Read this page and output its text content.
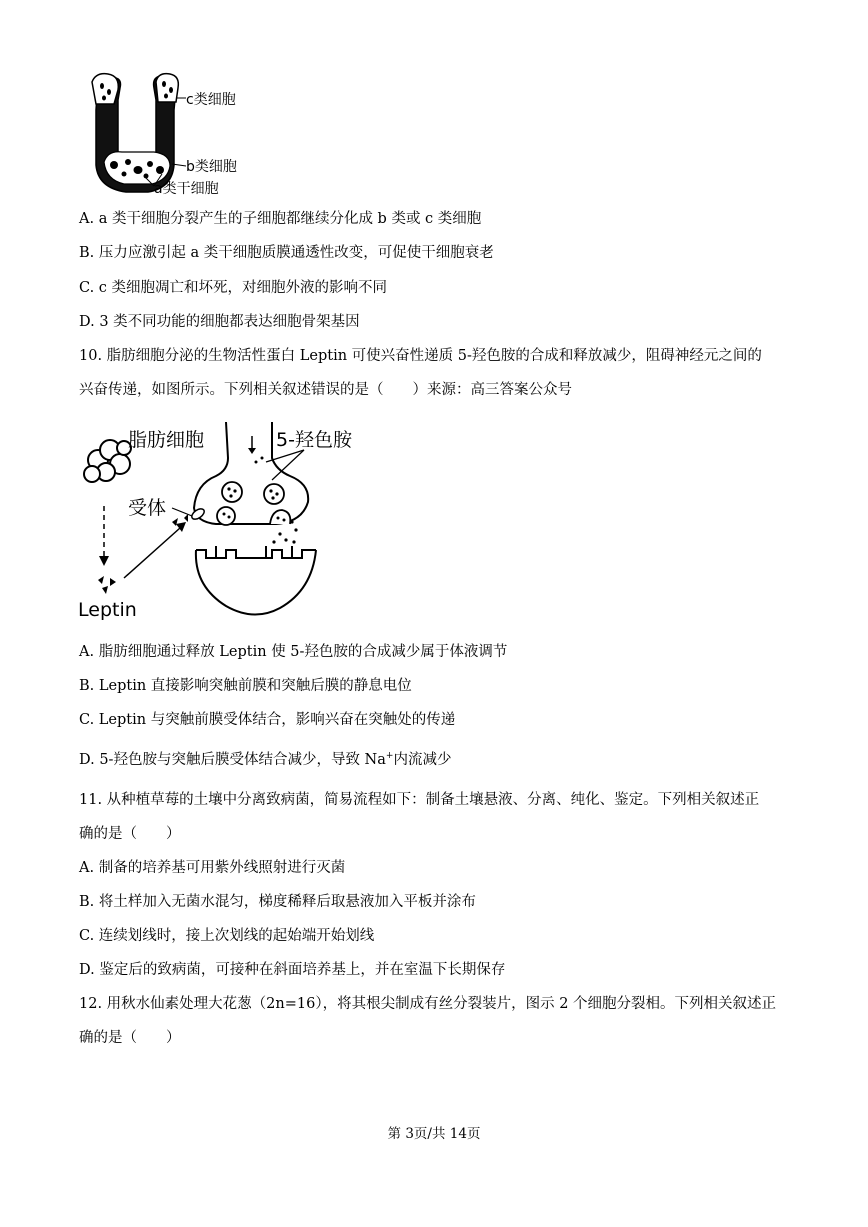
c类细胞
b类细胞
a类干细胞
A. a 类干细胞分裂产生的子细胞都继续分化成 b 类或 c 类细胞
B. 压力应激引起 a 类干细胞质膜通透性改变，可促使干细胞衰老
C. c 类细胞凋亡和坏死，对细胞外液的影响不同
D. 3 类不同功能的细胞都表达细胞骨架基因
10. 脂肪细胞分泌的生物活性蛋白 Leptin 可使兴奋性递质 5-羟色胺的合成和释放减少，阻碍神经元之间的
兴奋传递，如图所示。下列相关叙述错误的是（　　）来源：高三答案公众号
脂肪细胞
Leptin
受体
5-羟色胺
A. 脂肪细胞通过释放 Leptin 使 5-羟色胺的合成减少属于体液调节
B. Leptin 直接影响突触前膜和突触后膜的静息电位
C. Leptin 与突触前膜受体结合，影响兴奋在突触处的传递
D. 5-羟色胺与突触后膜受体结合减少，导致 Na+内流减少
11. 从种植草莓的土壤中分离致病菌，简易流程如下：制备土壤悬液、分离、纯化、鉴定。下列相关叙述正
确的是（　　）
A. 制备的培养基可用紫外线照射进行灭菌
B. 将土样加入无菌水混匀，梯度稀释后取悬液加入平板并涂布
C. 连续划线时，接上次划线的起始端开始划线
D. 鉴定后的致病菌，可接种在斜面培养基上，并在室温下长期保存
12. 用秋水仙素处理大花葱（2n=16），将其根尖制成有丝分裂装片，图示 2 个细胞分裂相。下列相关叙述正
确的是（　　）
第 3页/共 14页
